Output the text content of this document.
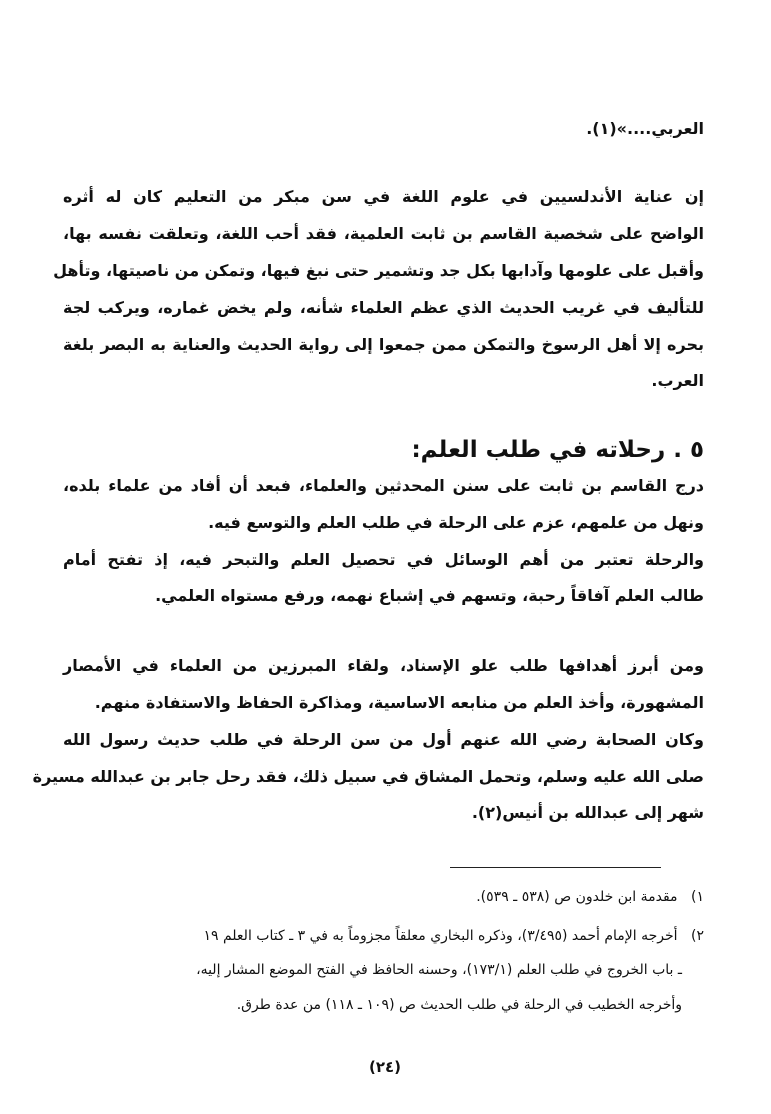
العربي....»(١).

إن عناية الأندلسيين في علوم اللغة في سن مبكر من التعليم كان له أثره

الواضح على شخصية القاسم بن ثابت العلمية، فقد أحب اللغة، وتعلقت نفسه بها،

وأقبل على علومها وآدابها بكل جد وتشمير حتى نبغ فيها، وتمكن من ناصيتها، وتأهل

للتأليف في غريب الحديث الذي عظم العلماء شأنه، ولم يخض غماره، ويركب لجة

بحره إلا أهل الرسوخ والتمكن ممن جمعوا إلى رواية الحديث والعناية به البصر بلغة

العرب.

٥ . رحلاته في طلب العلم:

درج القاسم بن ثابت على سنن المحدثين والعلماء، فبعد أن أفاد من علماء بلده،

ونهل من علمهم، عزم على الرحلة في طلب العلم والتوسع فيه.

والرحلة تعتبر من أهم الوسائل في تحصيل العلم والتبحر فيه، إذ تفتح أمام

طالب العلم آفاقاً رحبة، وتسهم في إشباع نهمه، ورفع مستواه العلمي.

ومن أبرز أهدافها طلب علو الإسناد، ولقاء المبرزين من العلماء في الأمصار

المشهورة، وأخذ العلم من منابعه الاساسية، ومذاكرة الحفاظ والاستفادة منهم.

وكان الصحابة رضي الله عنهم أول من سن الرحلة في طلب حديث رسول الله

صلى الله عليه وسلم، وتحمل المشاق في سبيل ذلك، فقد رحل جابر بن عبدالله مسيرة

شهر إلى عبدالله بن أنيس(٢).

١) مقدمة ابن خلدون ص (٥٣٨ ـ ٥٣٩).

٢) أخرجه الإمام أحمد (٣/٤٩٥)، وذكره البخاري معلقاً مجزوماً به في ٣ ـ كتاب العلم ١٩

ـ باب الخروج في طلب العلم (١٧٣/١)، وحسنه الحافظ في الفتح الموضع المشار إليه،

وأخرجه الخطيب في الرحلة في طلب الحديث ص (١٠٩ ـ ١١٨) من عدة طرق.

(٢٤)
